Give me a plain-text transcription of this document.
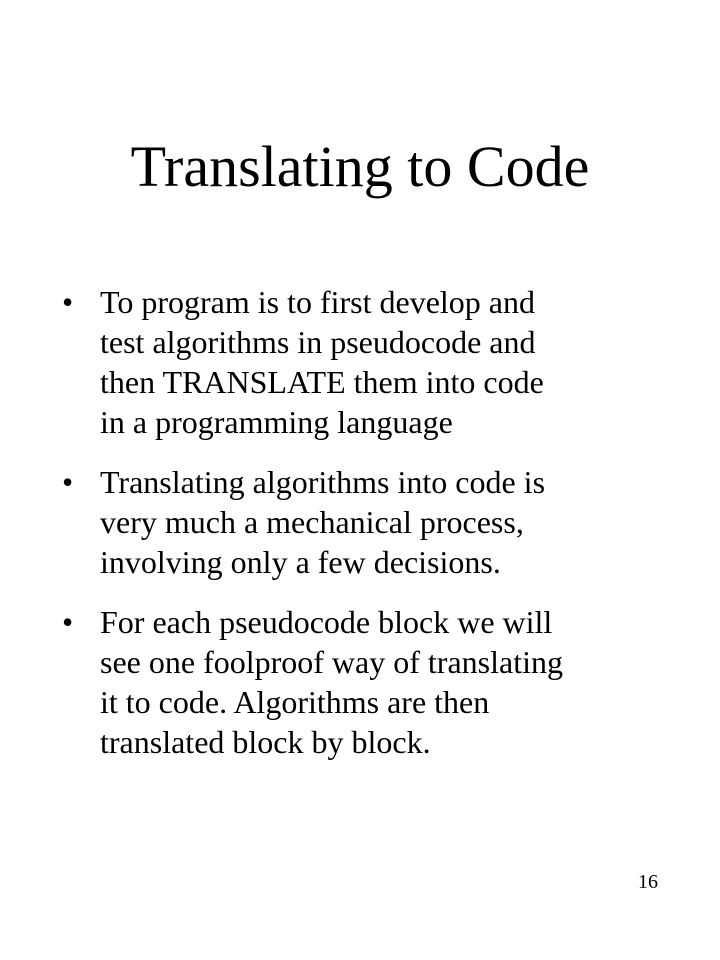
Translating to Code
• To program is to first develop and
test algorithms in pseudocode and
then TRANSLATE them into code
in a programming language
• Translating algorithms into code is
very much a mechanical process,
involving only a few decisions.
• For each pseudocode block we will
see one foolproof way of translating
it to code. Algorithms are then
translated block by block.
16
